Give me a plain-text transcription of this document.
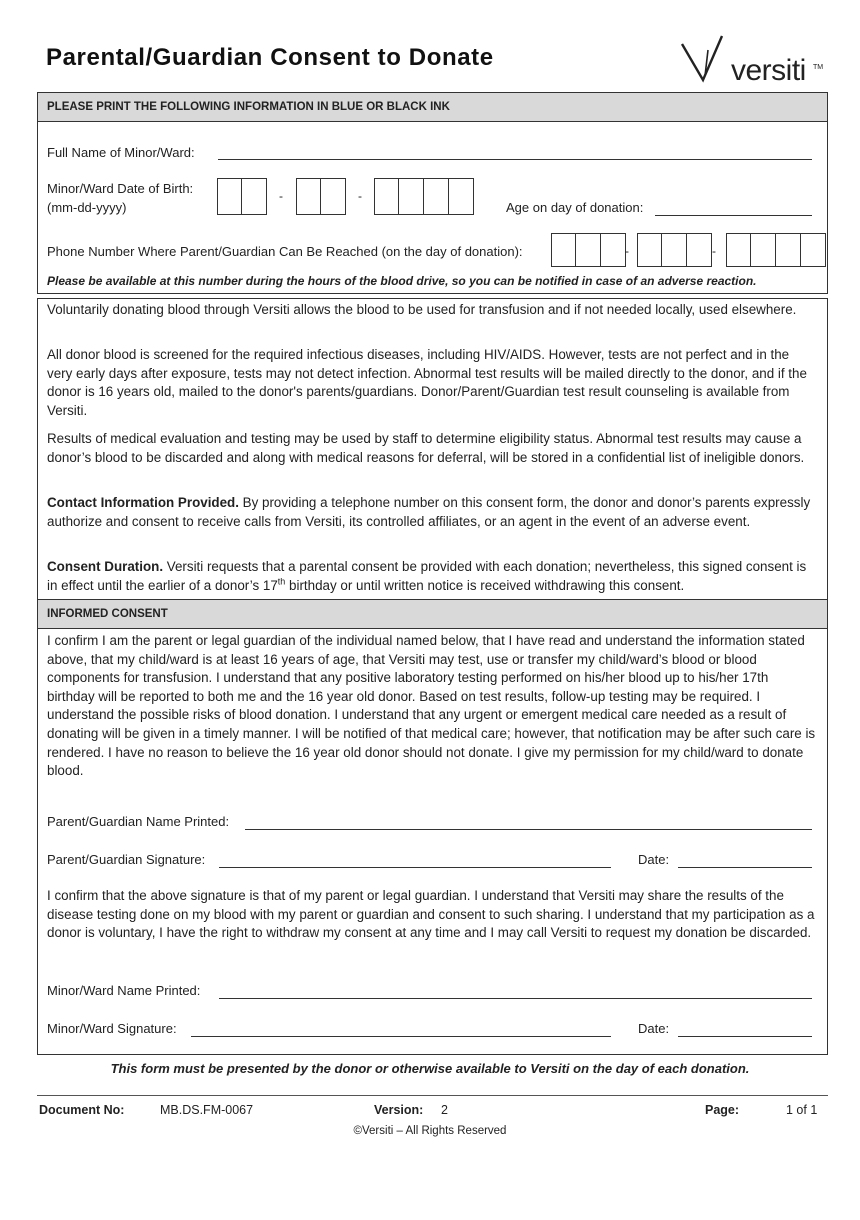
Parental/Guardian Consent to Donate	versiti TM
PLEASE PRINT THE FOLLOWING INFORMATION IN BLUE OR BLACK INK
Full Name of Minor/Ward:
Minor/Ward Date of Birth:
(mm-dd-yyyy)
-	-
Age on day of donation:
Phone Number Where Parent/Guardian Can Be Reached (on the day of donation):	-	-
Please be available at this number during the hours of the blood drive, so you can be notified in case of an adverse reaction.
Voluntarily donating blood through Versiti allows the blood to be used for transfusion and if not needed locally, used elsewhere.
All donor blood is screened for the required infectious diseases, including HIV/AIDS. However, tests are not perfect and in the very early days after exposure, tests may not detect infection. Abnormal test results will be mailed directly to the donor, and if the donor is 16 years old, mailed to the donor's parents/guardians. Donor/Parent/Guardian test result counseling is available from Versiti.
Results of medical evaluation and testing may be used by staff to determine eligibility status. Abnormal test results may cause a donor’s blood to be discarded and along with medical reasons for deferral, will be stored in a confidential list of ineligible donors.
Contact Information Provided. By providing a telephone number on this consent form, the donor and donor’s parents expressly authorize and consent to receive calls from Versiti, its controlled affiliates, or an agent in the event of an adverse event.
Consent Duration. Versiti requests that a parental consent be provided with each donation; nevertheless, this signed consent is in effect until the earlier of a donor’s 17th birthday or until written notice is received withdrawing this consent.
INFORMED CONSENT
I confirm I am the parent or legal guardian of the individual named below, that I have read and understand the information stated above, that my child/ward is at least 16 years of age, that Versiti may test, use or transfer my child/ward’s blood or blood components for transfusion. I understand that any positive laboratory testing performed on his/her blood up to his/her 17th birthday will be reported to both me and the 16 year old donor. Based on test results, follow-up testing may be required. I understand the possible risks of blood donation. I understand that any urgent or emergent medical care needed as a result of donating will be given in a timely manner. I will be notified of that medical care; however, that notification may be after such care is rendered. I have no reason to believe the 16 year old donor should not donate. I give my permission for my child/ward to donate blood.
Parent/Guardian Name Printed:
Parent/Guardian Signature:	Date:
I confirm that the above signature is that of my parent or legal guardian. I understand that Versiti may share the results of the disease testing done on my blood with my parent or guardian and consent to such sharing. I understand that my participation as a donor is voluntary, I have the right to withdraw my consent at any time and I may call Versiti to request my donation be discarded.
Minor/Ward Name Printed:
Minor/Ward Signature:	Date:
This form must be presented by the donor or otherwise available to Versiti on the day of each donation.
Document No:	MB.DS.FM-0067	Version: 2	Page:	1 of 1
©Versiti – All Rights Reserved
